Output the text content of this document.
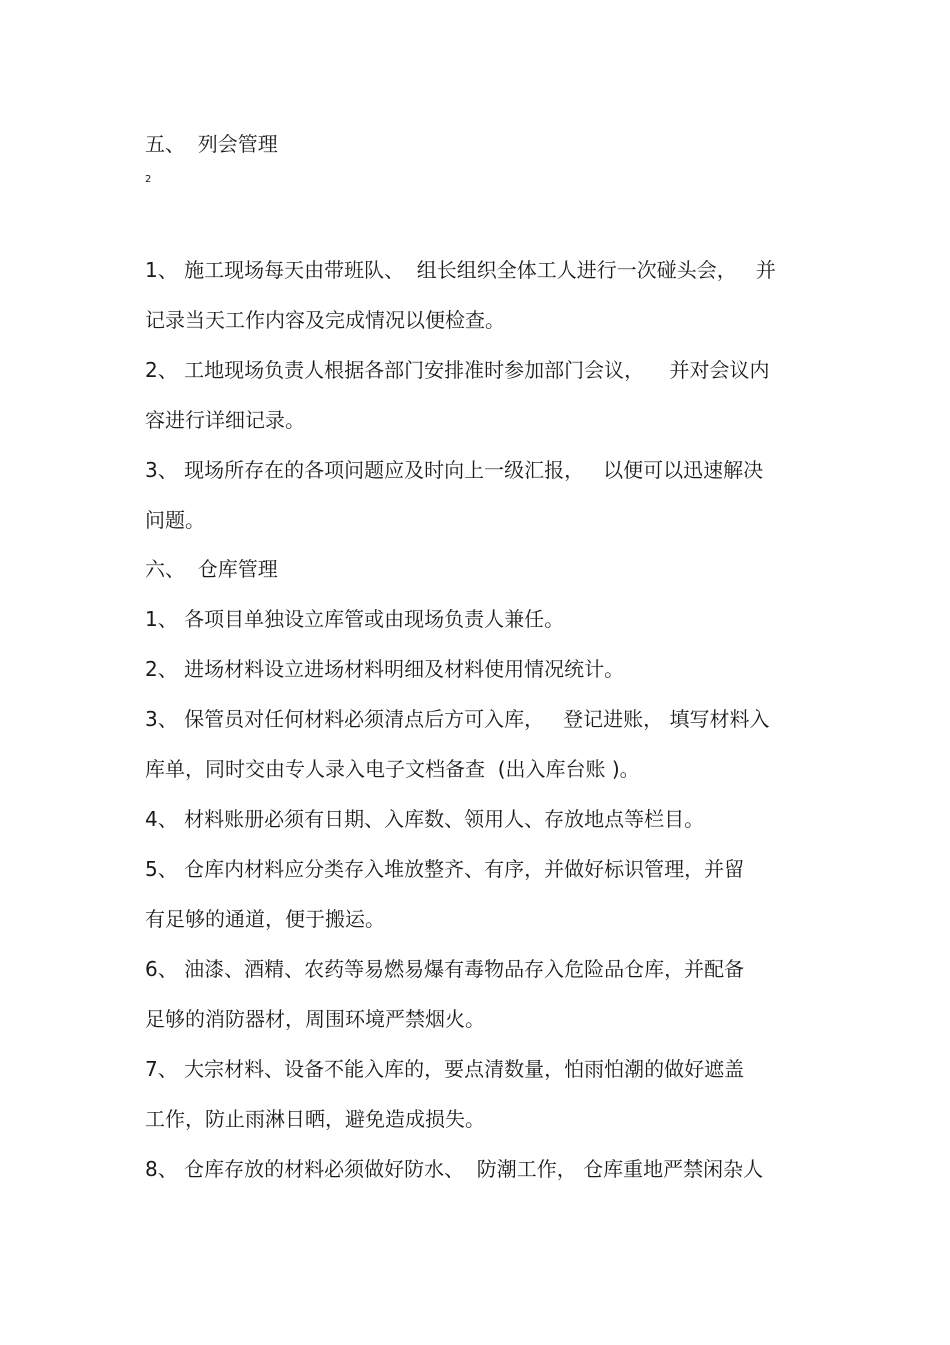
五、  列会管理

2

1、 施工现场每天由带班队、  组长组织全体工人进行一次碰头会，   并

记录当天工作内容及完成情况以便检查。

2、 工地现场负责人根据各部门安排准时参加部门会议，    并对会议内

容进行详细记录。

3、 现场所存在的各项问题应及时向上一级汇报，   以便可以迅速解决

问题。

六、  仓库管理

1、 各项目单独设立库管或由现场负责人兼任。

2、 进场材料设立进场材料明细及材料使用情况统计。

3、 保管员对任何材料必须清点后方可入库，   登记进账， 填写材料入

库单，同时交由专人录入电子文档备查  (出入库台账 )。

4、 材料账册必须有日期、入库数、领用人、存放地点等栏目。

5、 仓库内材料应分类存入堆放整齐、有序，并做好标识管理，并留

有足够的通道，便于搬运。

6、 油漆、酒精、农药等易燃易爆有毒物品存入危险品仓库，并配备

足够的消防器材，周围环境严禁烟火。

7、 大宗材料、设备不能入库的，要点清数量，怕雨怕潮的做好遮盖

工作，防止雨淋日晒，避免造成损失。

8、 仓库存放的材料必须做好防水、  防潮工作， 仓库重地严禁闲杂人
